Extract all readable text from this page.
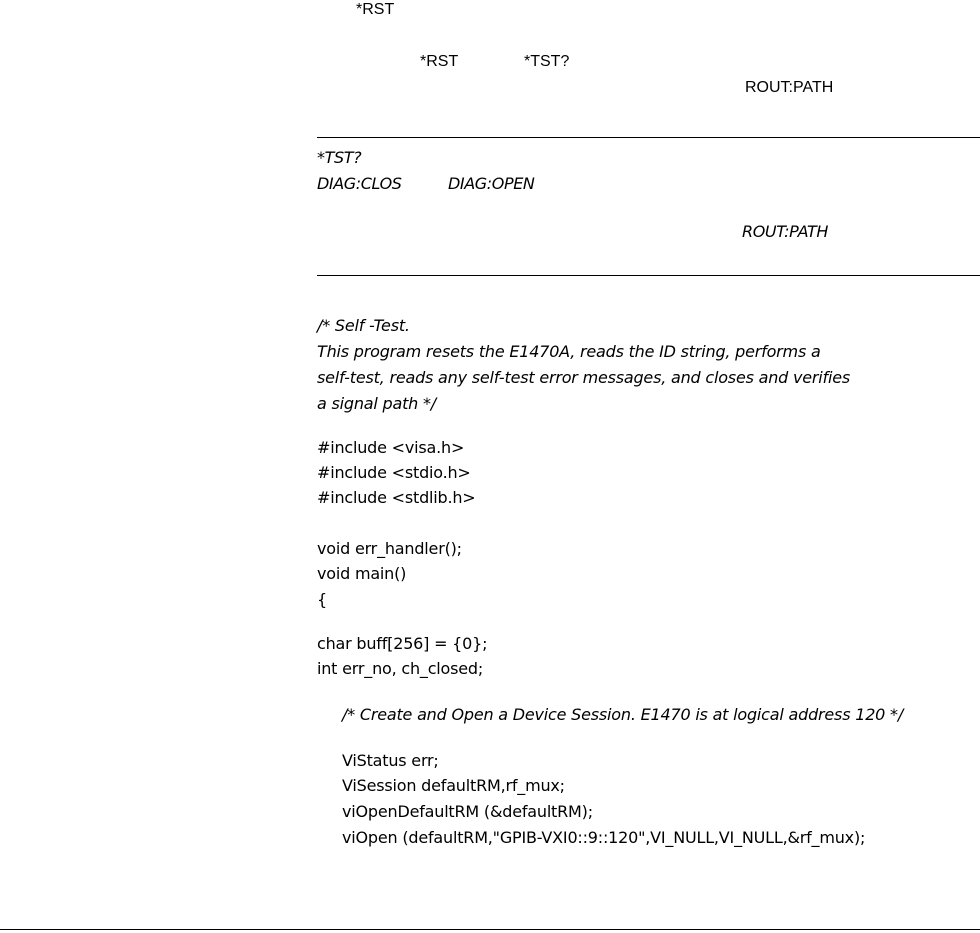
*RST
*RST	*TST?
ROUT:PATH
*TST?
DIAG:CLOS	DIAG:OPEN
ROUT:PATH
/* Self -Test.
This program resets the E1470A, reads the ID string, performs a
self-test, reads any self-test error messages, and closes and verifies
a signal path */
#include <visa.h>
#include <stdio.h>
#include <stdlib.h>
void err_handler();
void main()
{
char buff[256] = {0};
int err_no, ch_closed;
/* Create and Open a Device Session. E1470 is at logical address 120 */
ViStatus err;
ViSession defaultRM,rf_mux;
viOpenDefaultRM (&defaultRM);
viOpen (defaultRM,"GPIB-VXI0::9::120",VI_NULL,VI_NULL,&rf_mux);
